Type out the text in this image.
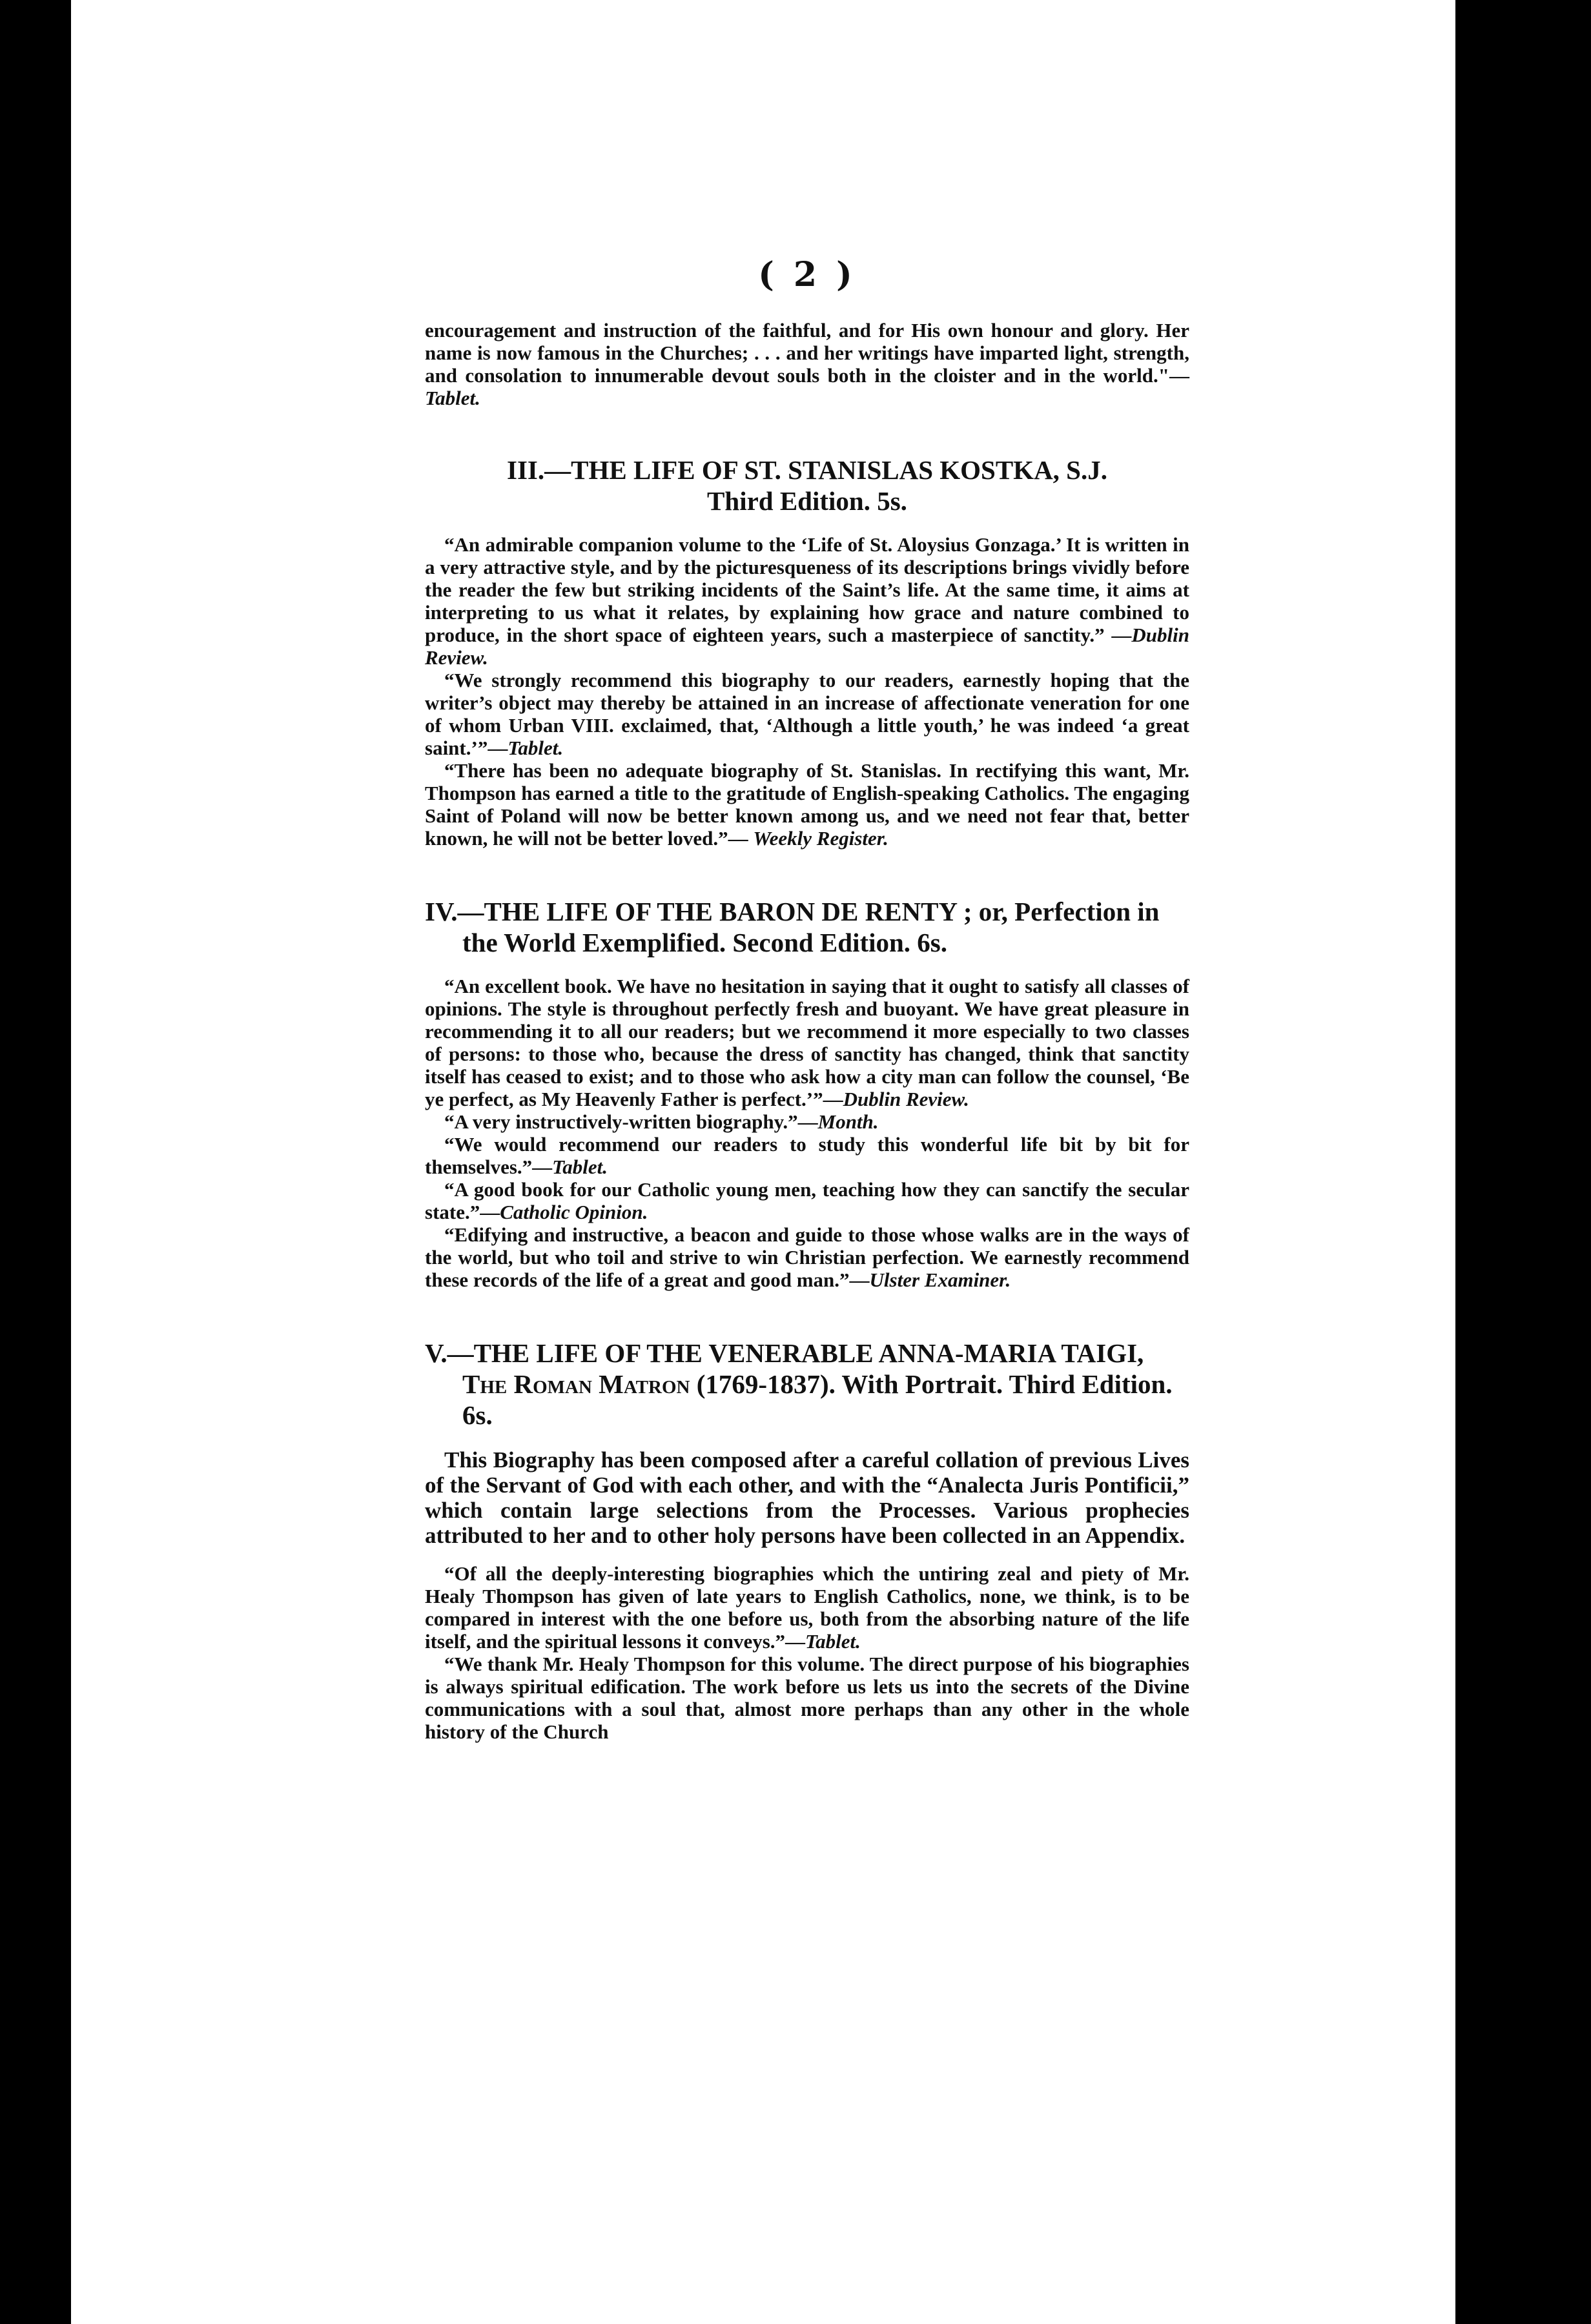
( 2 )

encouragement and instruction of the faithful, and for His own honour and glory. Her name is now famous in the Churches; . . . and her writings have imparted light, strength, and consolation to innumerable devout souls both in the cloister and in the world."—Tablet.

III.—THE LIFE OF ST. STANISLAS KOSTKA, S.J.
Third Edition. 5s.

“An admirable companion volume to the ‘Life of St. Aloysius Gonzaga.’ It is written in a very attractive style, and by the picturesqueness of its descriptions brings vividly before the reader the few but striking incidents of the Saint’s life. At the same time, it aims at interpreting to us what it relates, by explaining how grace and nature combined to produce, in the short space of eighteen years, such a masterpiece of sanctity.” —Dublin Review.

“We strongly recommend this biography to our readers, earnestly hoping that the writer’s object may thereby be attained in an increase of affectionate veneration for one of whom Urban VIII. exclaimed, that, ‘Although a little youth,’ he was indeed ‘a great saint.’”—Tablet.

“There has been no adequate biography of St. Stanislas. In rectifying this want, Mr. Thompson has earned a title to the gratitude of English-speaking Catholics. The engaging Saint of Poland will now be better known among us, and we need not fear that, better known, he will not be better loved.”— Weekly Register.

IV.—THE LIFE OF THE BARON DE RENTY ; or, Perfection in the World Exemplified. Second Edition. 6s.

“An excellent book. We have no hesitation in saying that it ought to satisfy all classes of opinions. The style is throughout perfectly fresh and buoyant. We have great pleasure in recommending it to all our readers; but we recommend it more especially to two classes of persons: to those who, because the dress of sanctity has changed, think that sanctity itself has ceased to exist; and to those who ask how a city man can follow the counsel, ‘Be ye perfect, as My Heavenly Father is perfect.’”—Dublin Review.

“A very instructively-written biography.”—Month.

“We would recommend our readers to study this wonderful life bit by bit for themselves.”—Tablet.

“A good book for our Catholic young men, teaching how they can sanctify the secular state.”—Catholic Opinion.

“Edifying and instructive, a beacon and guide to those whose walks are in the ways of the world, but who toil and strive to win Christian perfection. We earnestly recommend these records of the life of a great and good man.”—Ulster Examiner.

V.—THE LIFE OF THE VENERABLE ANNA-MARIA TAIGI, The Roman Matron (1769-1837). With Portrait. Third Edition. 6s.

This Biography has been composed after a careful collation of previous Lives of the Servant of God with each other, and with the “Analecta Juris Pontificii,” which contain large selections from the Processes. Various prophecies attributed to her and to other holy persons have been collected in an Appendix.

“Of all the deeply-interesting biographies which the untiring zeal and piety of Mr. Healy Thompson has given of late years to English Catholics, none, we think, is to be compared in interest with the one before us, both from the absorbing nature of the life itself, and the spiritual lessons it conveys.”—Tablet.

“We thank Mr. Healy Thompson for this volume. The direct purpose of his biographies is always spiritual edification. The work before us lets us into the secrets of the Divine communications with a soul that, almost more perhaps than any other in the whole history of the Church
